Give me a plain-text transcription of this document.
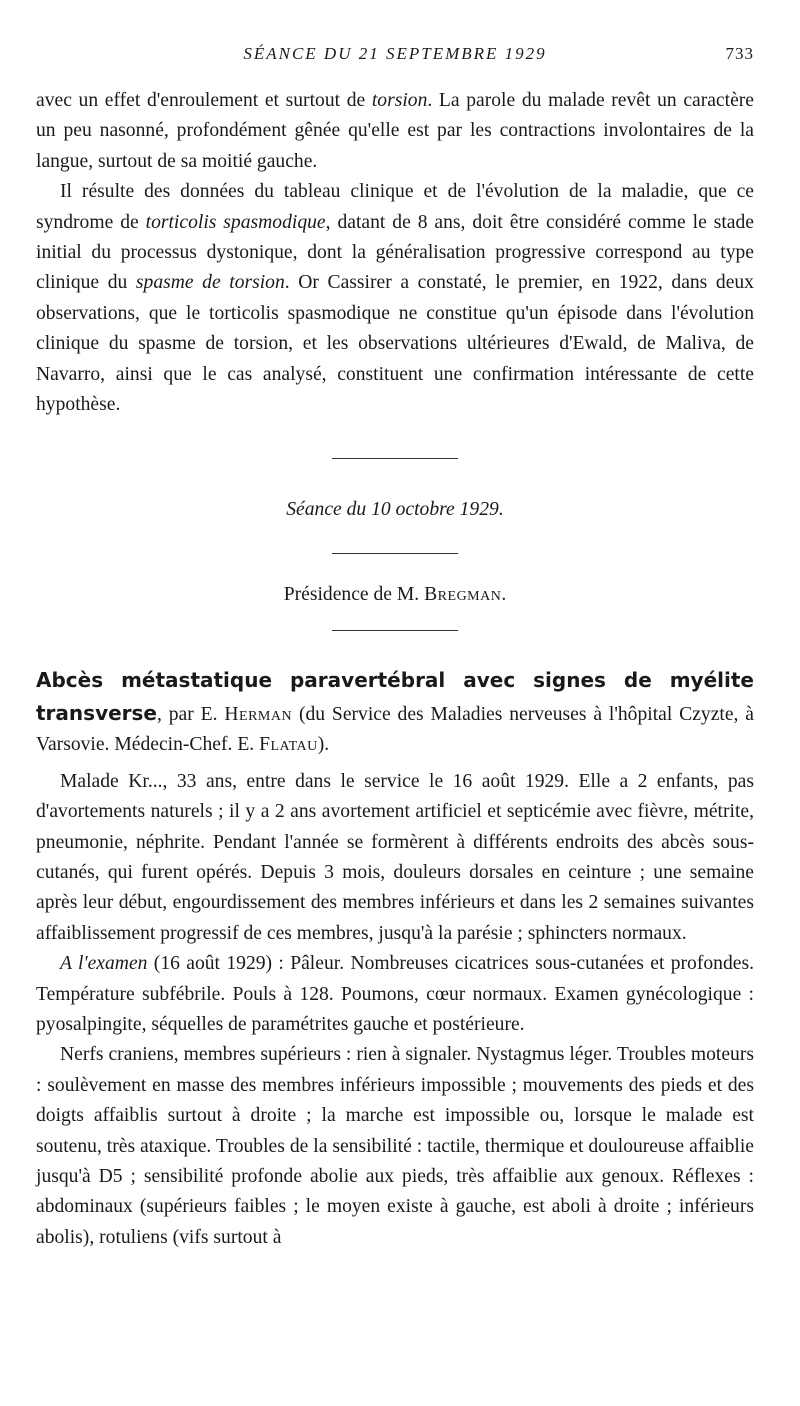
SÉANCE DU 21 SEPTEMBRE 1929	733

avec un effet d'enroulement et surtout de torsion. La parole du malade revêt un caractère un peu nasonné, profondément gênée qu'elle est par les contractions involontaires de la langue, surtout de sa moitié gauche.

Il résulte des données du tableau clinique et de l'évolution de la maladie, que ce syndrome de torticolis spasmodique, datant de 8 ans, doit être considéré comme le stade initial du processus dystonique, dont la généralisation progressive correspond au type clinique du spasme de torsion. Or Cassirer a constaté, le premier, en 1922, dans deux observations, que le torticolis spasmodique ne constitue qu'un épisode dans l'évolution clinique du spasme de torsion, et les observations ultérieures d'Ewald, de Maliva, de Navarro, ainsi que le cas analysé, constituent une confirmation intéressante de cette hypothèse.

Séance du 10 octobre 1929.
Présidence de M. Bregman.

Abcès métastatique paravertébral avec signes de myélite transverse, par E. Herman (du Service des Maladies nerveuses à l'hôpital Czyzte, à Varsovie. Médecin-Chef. E. Flatau).

Malade Kr..., 33 ans, entre dans le service le 16 août 1929. Elle a 2 enfants, pas d'avortements naturels ; il y a 2 ans avortement artificiel et septicémie avec fièvre, métrite, pneumonie, néphrite. Pendant l'année se formèrent à différents endroits des abcès sous-cutanés, qui furent opérés. Depuis 3 mois, douleurs dorsales en ceinture ; une semaine après leur début, engourdissement des membres inférieurs et dans les 2 semaines suivantes affaiblissement progressif de ces membres, jusqu'à la parésie ; sphincters normaux.

A l'examen (16 août 1929) : Pâleur. Nombreuses cicatrices sous-cutanées et profondes. Température subfébrile. Pouls à 128. Poumons, cœur normaux. Examen gynécologique : pyosalpingite, séquelles de paramétrites gauche et postérieure.

Nerfs craniens, membres supérieurs : rien à signaler. Nystagmus léger. Troubles moteurs : soulèvement en masse des membres inférieurs impossible ; mouvements des pieds et des doigts affaiblis surtout à droite ; la marche est impossible ou, lorsque le malade est soutenu, très ataxique. Troubles de la sensibilité : tactile, thermique et douloureuse affaiblie jusqu'à D5 ; sensibilité profonde abolie aux pieds, très affaiblie aux genoux. Réflexes : abdominaux (supérieurs faibles ; le moyen existe à gauche, est aboli à droite ; inférieurs abolis), rotuliens (vifs surtout à
